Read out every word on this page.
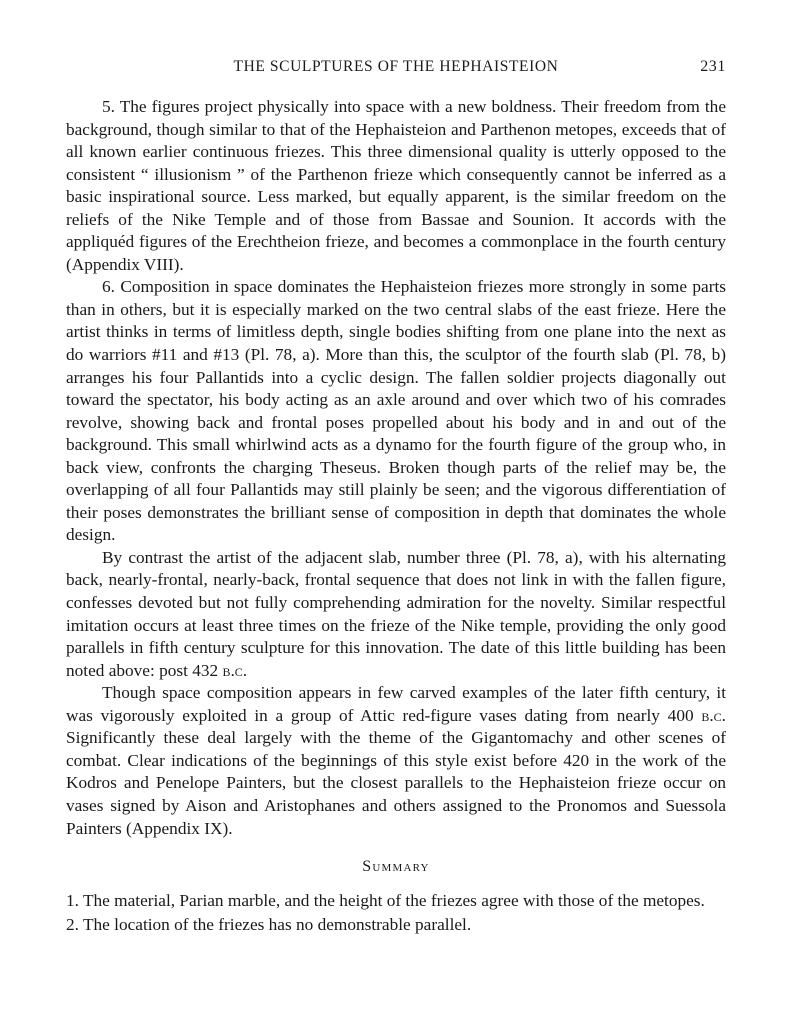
THE SCULPTURES OF THE HEPHAISTEION	231

5. The figures project physically into space with a new boldness. Their freedom from the background, though similar to that of the Hephaisteion and Parthenon metopes, exceeds that of all known earlier continuous friezes. This three dimensional quality is utterly opposed to the consistent “ illusionism ” of the Parthenon frieze which consequently cannot be inferred as a basic inspirational source. Less marked, but equally apparent, is the similar freedom on the reliefs of the Nike Temple and of those from Bassae and Sounion. It accords with the appliquéd figures of the Erechtheion frieze, and becomes a commonplace in the fourth century (Appendix VIII).

6. Composition in space dominates the Hephaisteion friezes more strongly in some parts than in others, but it is especially marked on the two central slabs of the east frieze. Here the artist thinks in terms of limitless depth, single bodies shifting from one plane into the next as do warriors #11 and #13 (Pl. 78, a). More than this, the sculptor of the fourth slab (Pl. 78, b) arranges his four Pallantids into a cyclic design. The fallen soldier projects diagonally out toward the spectator, his body acting as an axle around and over which two of his comrades revolve, showing back and frontal poses propelled about his body and in and out of the background. This small whirlwind acts as a dynamo for the fourth figure of the group who, in back view, confronts the charging Theseus. Broken though parts of the relief may be, the overlapping of all four Pallantids may still plainly be seen; and the vigorous differentiation of their poses demonstrates the brilliant sense of composition in depth that dominates the whole design.

By contrast the artist of the adjacent slab, number three (Pl. 78, a), with his alternating back, nearly-frontal, nearly-back, frontal sequence that does not link in with the fallen figure, confesses devoted but not fully comprehending admiration for the novelty. Similar respectful imitation occurs at least three times on the frieze of the Nike temple, providing the only good parallels in fifth century sculpture for this innovation. The date of this little building has been noted above: post 432 b.c.

Though space composition appears in few carved examples of the later fifth century, it was vigorously exploited in a group of Attic red-figure vases dating from nearly 400 b.c. Significantly these deal largely with the theme of the Gigantomachy and other scenes of combat. Clear indications of the beginnings of this style exist before 420 in the work of the Kodros and Penelope Painters, but the closest parallels to the Hephaisteion frieze occur on vases signed by Aison and Aristophanes and others assigned to the Pronomos and Suessola Painters (Appendix IX).

Summary
1. The material, Parian marble, and the height of the friezes agree with those of the metopes.
2. The location of the friezes has no demonstrable parallel.
